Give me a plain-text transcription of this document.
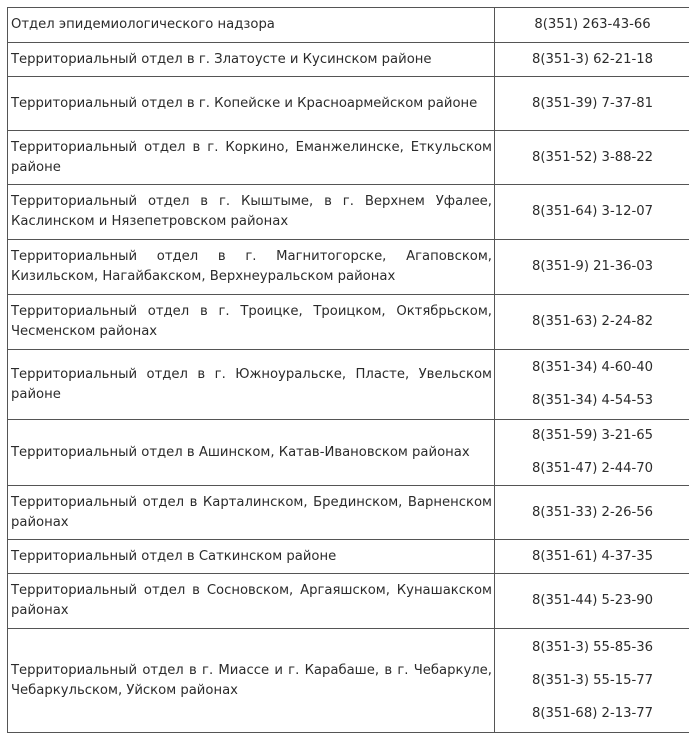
Отдел эпидемиологического надзора	8(351) 263-43-66

Территориальный отдел в г. Златоусте и Кусинском районе	8(351-3) 62-21-18

Территориальный отдел в г. Копейске и Красноармейском районе	8(351-39) 7-37-81

Территориальный отдел в г. Коркино, Еманжелинске, Еткульском районе	8(351-52) 3-88-22

Территориальный отдел в г. Кыштыме, в г. Верхнем Уфалее, Каслинском и Нязепетровском районах	8(351-64) 3-12-07

Территориальный отдел в г. Магнитогорске, Агаповском, Кизильском, Нагайбакском, Верхнеуральском районах	8(351-9) 21-36-03

Территориальный отдел в г. Троицке, Троицком, Октябрьском, Чесменском районах	8(351-63) 2-24-82

Территориальный отдел в г. Южноуральске, Пласте, Увельском районе	8(351-34) 4-60-40
8(351-34) 4-54-53

Территориальный отдел в Ашинском, Катав-Ивановском районах	8(351-59) 3-21-65
8(351-47) 2-44-70

Территориальный отдел в Карталинском, Брединском, Варненском районах	8(351-33) 2-26-56

Территориальный отдел в Саткинском районе	8(351-61) 4-37-35

Территориальный отдел в Сосновском, Аргаяшском, Кунашакском районах	8(351-44) 5-23-90

Территориальный отдел в г. Миассе и г. Карабаше, в г. Чебаркуле, Чебаркульском, Уйском районах	8(351-3) 55-85-36
8(351-3) 55-15-77
8(351-68) 2-13-77
